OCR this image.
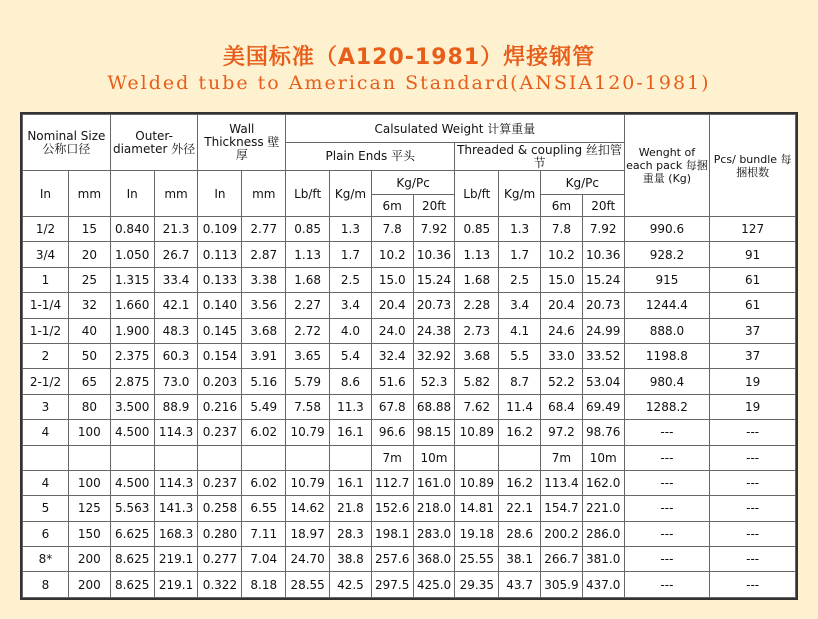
美国标准（A120-1981）焊接钢管
Welded tube to American Standard(ANSIA120-1981)
Nominal Size 公称口径		Outer- diameter 外径		Wall Thickness 壁厚		Calsulated Weight 计算重量								Wenght of each pack 每捆重量 (Kg)	Pcs/ bundle 每捆根数
						Plain Ends 平头				Threaded & coupling 丝扣管节					

In	mm	In	mm	In	mm	Lb/ft	Kg/m	Kg/Pc		Lb/ft	Kg/m	Kg/Pc			
								6m	20ft			6m	20ft		
1/2	15	0.840	21.3	0.109	2.77	0.85	1.3	7.8	7.92	0.85	1.3	7.8	7.92	990.6	127
3/4	20	1.050	26.7	0.113	2.87	1.13	1.7	10.2	10.36	1.13	1.7	10.2	10.36	928.2	91
1	25	1.315	33.4	0.133	3.38	1.68	2.5	15.0	15.24	1.68	2.5	15.0	15.24	915	61
1-1/4	32	1.660	42.1	0.140	3.56	2.27	3.4	20.4	20.73	2.28	3.4	20.4	20.73	1244.4	61
1-1/2	40	1.900	48.3	0.145	3.68	2.72	4.0	24.0	24.38	2.73	4.1	24.6	24.99	888.0	37
2	50	2.375	60.3	0.154	3.91	3.65	5.4	32.4	32.92	3.68	5.5	33.0	33.52	1198.8	37
2-1/2	65	2.875	73.0	0.203	5.16	5.79	8.6	51.6	52.3	5.82	8.7	52.2	53.04	980.4	19
3	80	3.500	88.9	0.216	5.49	7.58	11.3	67.8	68.88	7.62	11.4	68.4	69.49	1288.2	19
4	100	4.500	114.3	0.237	6.02	10.79	16.1	96.6	98.15	10.89	16.2	97.2	98.76	---	---
								7m	10m			7m	10m	---	---
4	100	4.500	114.3	0.237	6.02	10.79	16.1	112.7	161.0	10.89	16.2	113.4	162.0	---	---
5	125	5.563	141.3	0.258	6.55	14.62	21.8	152.6	218.0	14.81	22.1	154.7	221.0	---	---
6	150	6.625	168.3	0.280	7.11	18.97	28.3	198.1	283.0	19.18	28.6	200.2	286.0	---	---
8*	200	8.625	219.1	0.277	7.04	24.70	38.8	257.6	368.0	25.55	38.1	266.7	381.0	---	---
8	200	8.625	219.1	0.322	8.18	28.55	42.5	297.5	425.0	29.35	43.7	305.9	437.0	---	---
